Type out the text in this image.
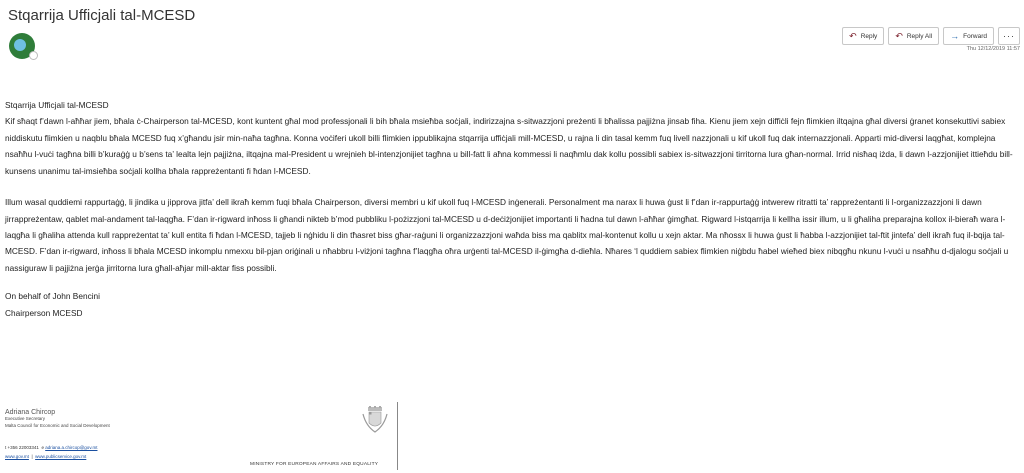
Stqarrija Ufficjali tal-MCESD
↶ Reply ↶ Reply All → Forward ···
Thu 12/12/2019 11:57

Stqarrija Ufficjali tal-MCESD

Kif sħaqt f’dawn l-aħħar jiem, bħala ċ-Chairperson tal-MCESD, kont kuntent għal mod professjonali li bih bħala msieħba soċjali, indirizzajna s-sitwazzjoni preżenti li bħalissa pajjiżna jinsab fiha. Kienu jiem xejn diffiċli fejn flimkien iltqajna għal diversi ġranet konsekuttivi sabiex niddiskutu flimkien u naqblu bħala MCESD fuq x’għandu jsir min-naħa tagħna. Konna voċiferi ukoll billi flimkien ippublikajna stqarrija uffiċjali mill-MCESD, u rajna li din tasal kemm fuq livell nazzjonali u kif ukoll fuq dak internazzjonali. Apparti mid-diversi laqgħat, komplejna nsaħħu l-vuċi tagħna billi b’kuraġġ u b’sens ta’ lealta lejn pajjiżna, iltqajna mal-President u wrejnieh bl-intenzjonijiet tagħna u bill-fatt li aħna kommessi li naqħmlu dak kollu possibli sabiex is-sitwazzjoni tirritorna lura għan-normal. Irrid nisħaq iżda, li dawn l-azzjonijiet ittieħdu bill-kunsens unanimu tal-imsieħba soċjali kollha bħala rappreżentanti fi ħdan l-MCESD.

Illum wasal quddiemi rappurtaġġ, li jindika u jipprova jitfa’ dell ikraħ kemm fuqi bħala Chairperson, diversi membri u kif ukoll fuq l-MCESD inġenerali. Personalment ma narax li huwa ġust li f’dan ir-rappurtaġġ intwerew ritratti ta’ rappreżentanti li l-organizzazzjoni li dawn jirrappreżentaw, qablet mal-andament tal-laqgħa. F’dan ir-rigward inħoss li għandi nikteb b’mod pubbliku l-pożizzjoni tal-MCESD u d-deċiżjonijiet importanti li ħadna tul dawn l-aħħar ġimgħat. Rigward l-istqarrija li kellha issir illum, u li għaliha preparajna kollox il-bieraħ wara l-laqgħa li għaliha attenda kull rappreżentat ta’ kull entita fi ħdan l-MCESD, tajjeb li nġhidu li din tħasret biss għar-raġuni li organizzazzjoni waħda biss ma qablitx mal-kontenut kollu u xejn aktar. Ma nħossx li huwa ġust li ħabba l-azzjonijiet tal-ftit jintefa’ dell ikraħ fuq il-bqija tal-MCESD. F’dan ir-rigward, inħoss li bħala MCESD inkomplu nmexxu bil-pjan oriġinali u nħabbru l-viżjoni tagħna f’laqgħa oħra urġenti tal-MCESD il-ġimgħa d-dieħla. Nħares ‘l quddiem sabiex flimkien niġbdu ħabel wieħed biex nibqgħu nkunu l-vuċi u nsaħħu d-djalogu soċjali u nassiguraw li pajjiżna jerġa jirritorna lura għall-aħjar mill-aktar fiss possibli.

On behalf of John Bencini

Chairperson MCESD

Adriana Chircop
Executive Secretary
Malta Council for Economic and Social Development
t +356 22003341 e adriana.a.chircop@gov.mt
www.gov.mt | www.publicservice.gov.mt
MINISTRY FOR EUROPEAN AFFAIRS AND EQUALITY
